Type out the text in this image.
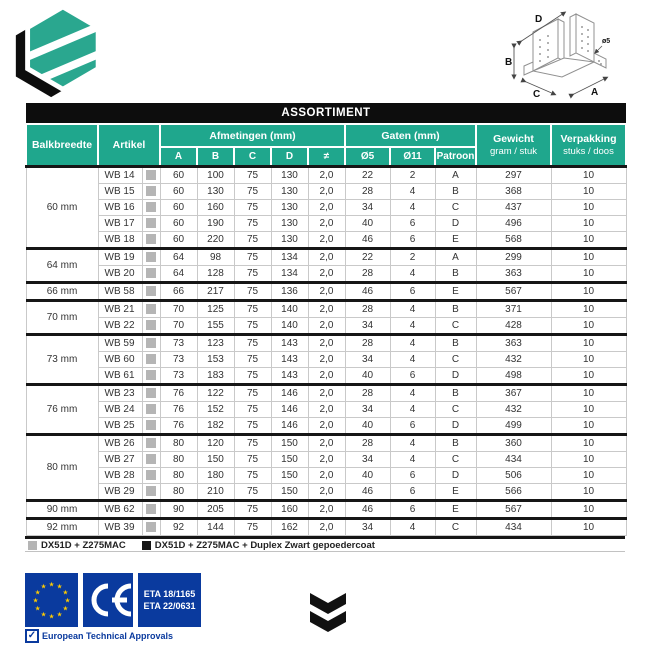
D
B
C	A
ø5
ASSORTIMENT												
Balkbreedte	Artikel	Afmetingen (mm)	Gaten (mm)	Gewicht
gram / stuk

Verpakking
stuks / doos

			A	B	C	D	≠	Ø5	Ø11	Patroon		
60 mm	WB 14		60	100	75	130	2,0	22	2	A	297	10
	WB 15		60	130	75	130	2,0	28	4	B	368	10
	WB 16		60	160	75	130	2,0	34	4	C	437	10
	WB 17		60	190	75	130	2,0	40	6	D	496	10
	WB 18		60	220	75	130	2,0	46	6	E	568	10
64 mm	WB 19		64	98	75	134	2,0	22	2	A	299	10
	WB 20		64	128	75	134	2,0	28	4	B	363	10
66 mm	WB 58		66	217	75	136	2,0	46	6	E	567	10
70 mm	WB 21		70	125	75	140	2,0	28	4	B	371	10
	WB 22		70	155	75	140	2,0	34	4	C	428	10
73 mm	WB 59		73	123	75	143	2,0	28	4	B	363	10
	WB 60		73	153	75	143	2,0	34	4	C	432	10
	WB 61		73	183	75	143	2,0	40	6	D	498	10
76 mm	WB 23		76	122	75	146	2,0	28	4	B	367	10
	WB 24		76	152	75	146	2,0	34	4	C	432	10
	WB 25		76	182	75	146	2,0	40	6	D	499	10
80 mm	WB 26		80	120	75	150	2,0	28	4	B	360	10
	WB 27		80	150	75	150	2,0	34	4	C	434	10
	WB 28		80	180	75	150	2,0	40	6	D	506	10
	WB 29		80	210	75	150	2,0	46	6	E	566	10
90 mm	WB 62		90	205	75	160	2,0	46	6	E	567	10
92 mm	WB 39		92	144	75	162	2,0	34	4	C	434	10
DX51D + Z275MAC	DX51D + Z275MAC + Duplex Zwart gepoedercoat
★ ★
★
★
★
★
★
★
★
★
★
★
ETA 18/1165
ETA 22/0631
✓ European Technical Approvals
